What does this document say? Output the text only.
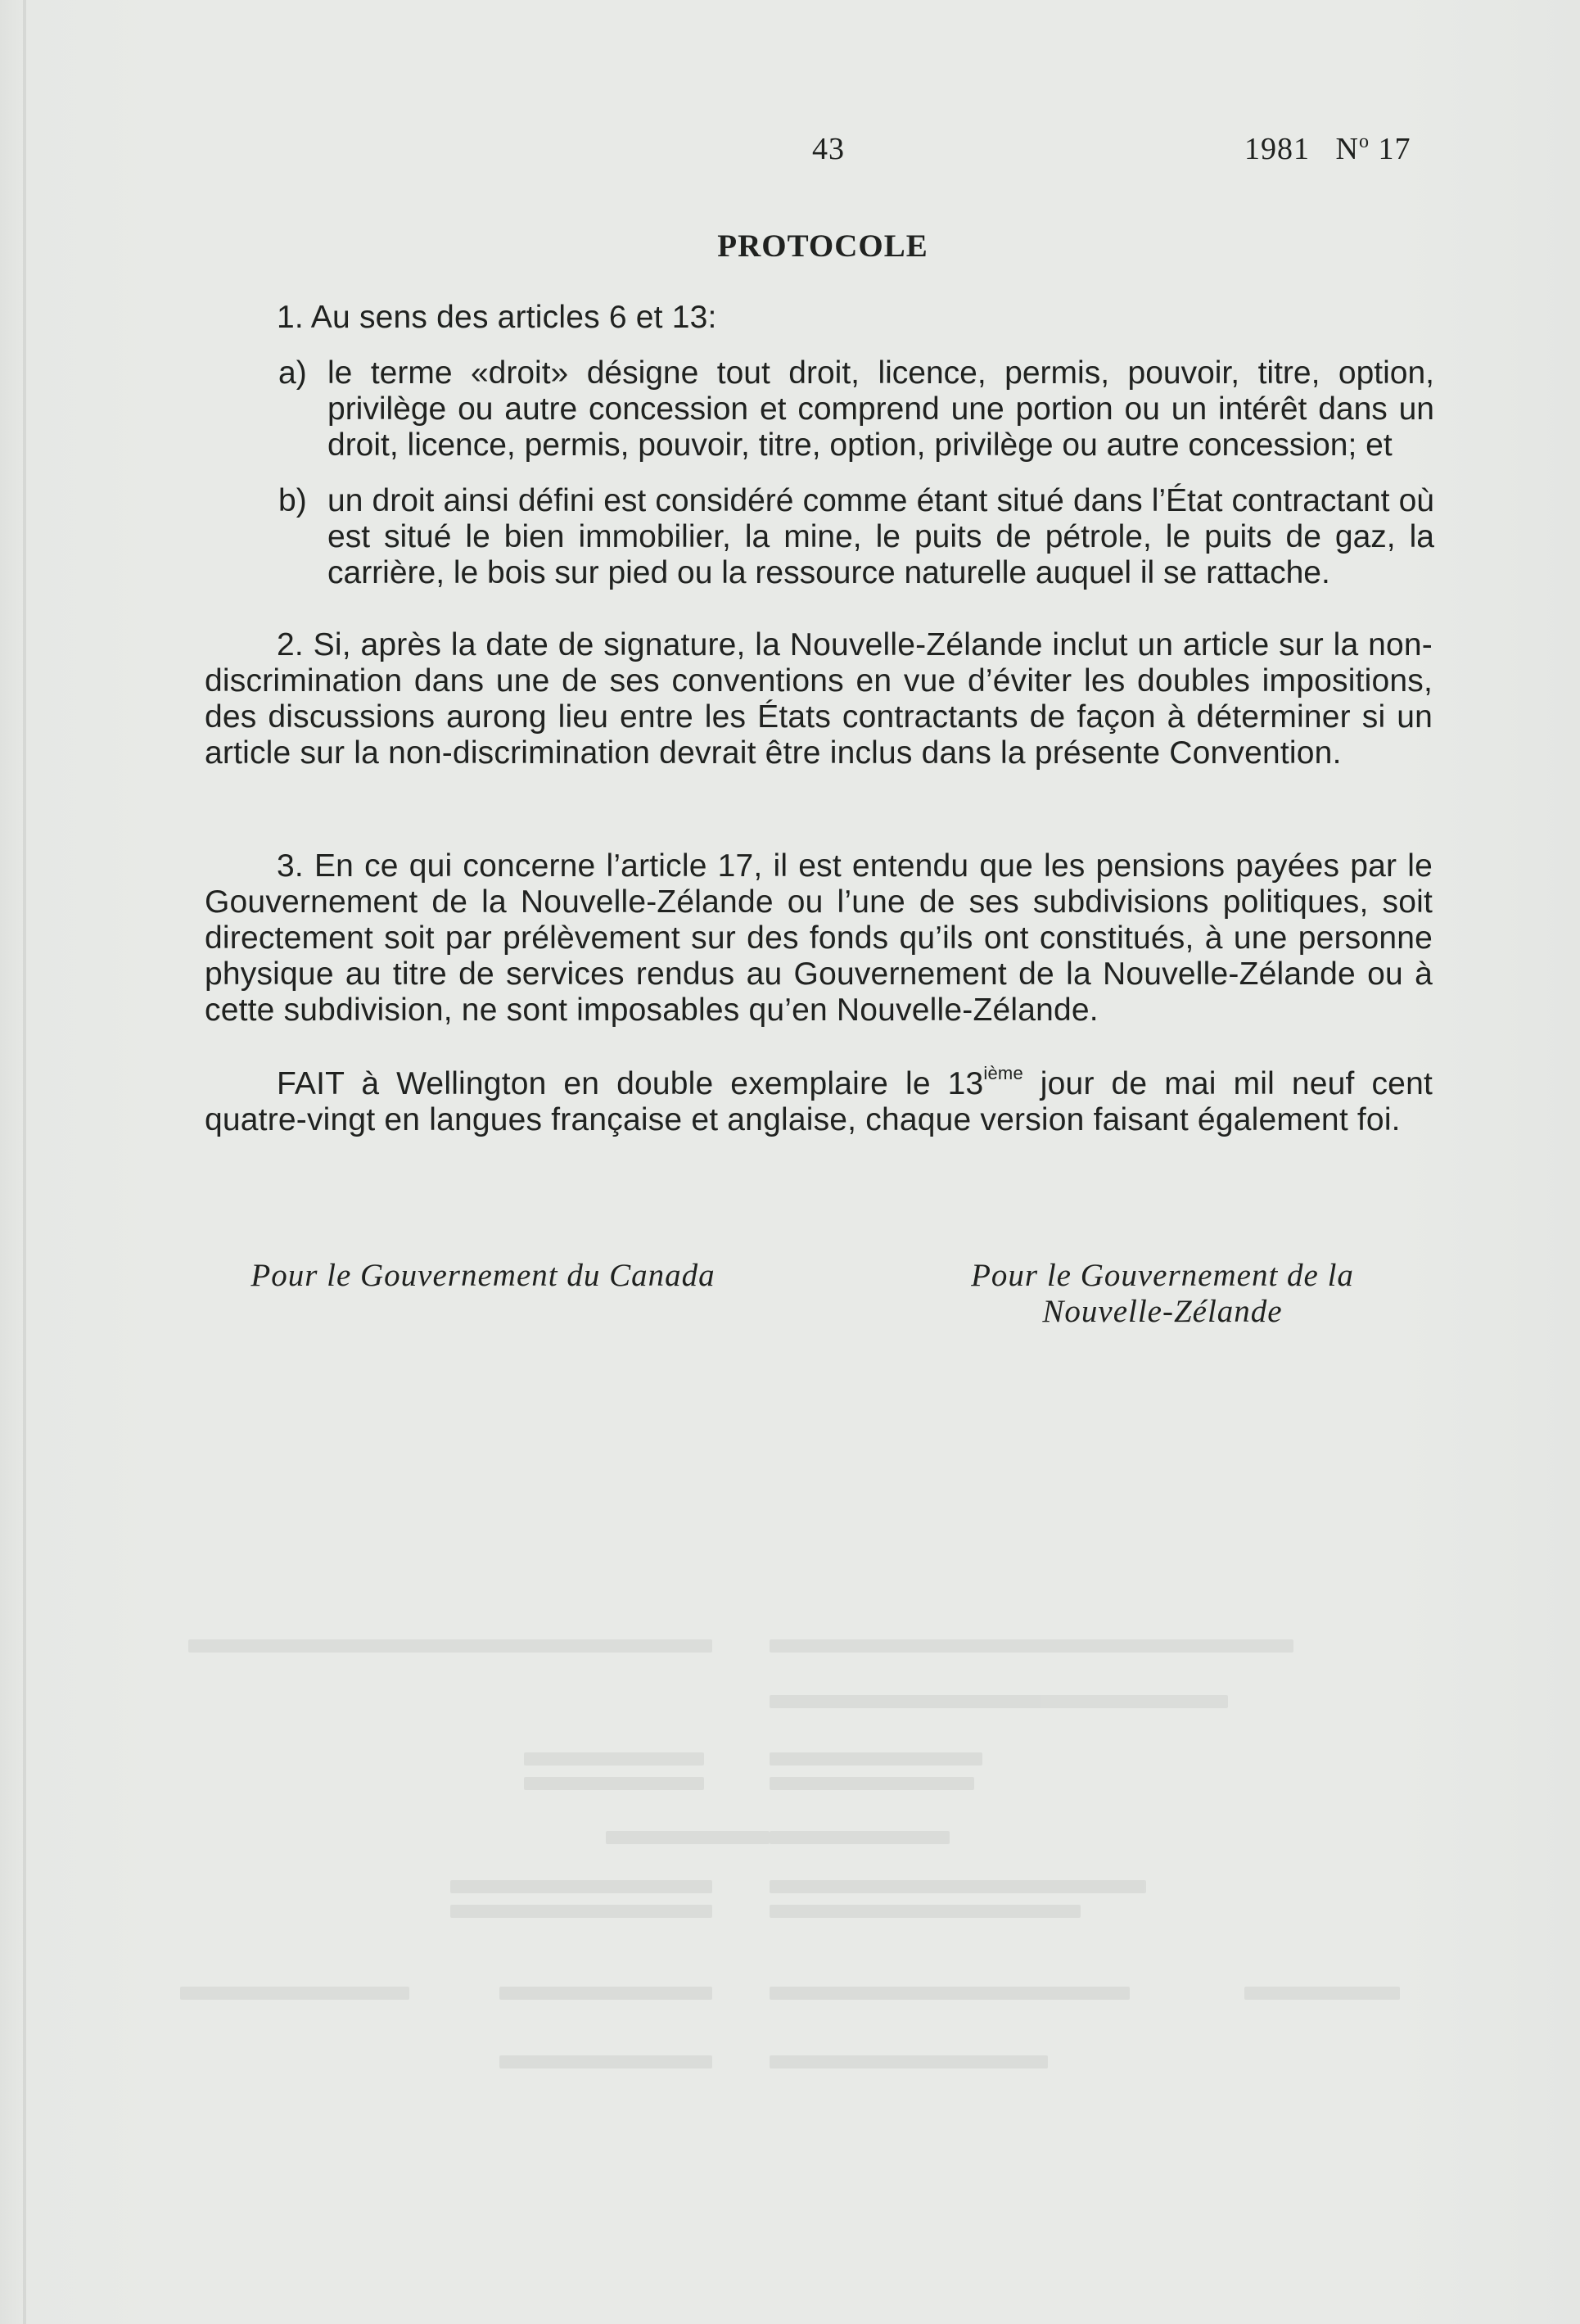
43	1981 $N^o$ 17
PROTOCOLE
1. Au sens des articles 6 et 13:
a) le terme «droit» désigne tout droit, licence, permis, pouvoir, titre, option, privilège ou autre concession et comprend une portion ou un intérêt dans un droit, licence, permis, pouvoir, titre, option, privilège ou autre concession; et
b) un droit ainsi défini est considéré comme étant situé dans l’État contractant où est situé le bien immobilier, la mine, le puits de pétrole, le puits de gaz, la carrière, le bois sur pied ou la ressource naturelle auquel il se rattache.
2. Si, après la date de signature, la Nouvelle-Zélande inclut un article sur la non-discrimination dans une de ses conventions en vue d’éviter les doubles impositions, des discussions aurong lieu entre les États contractants de façon à déterminer si un article sur la non-discrimination devrait être inclus dans la présente Convention.
3. En ce qui concerne l’article 17, il est entendu que les pensions payées par le Gouvernement de la Nouvelle-Zélande ou l’une de ses subdivisions politiques, soit directement soit par prélèvement sur des fonds qu’ils ont constitués, à une personne physique au titre de services rendus au Gouvernement de la Nouvelle-Zélande ou à cette subdivision, ne sont imposables qu’en Nouvelle-Zélande.
FAIT à Wellington en double exemplaire le 13ième jour de mai mil neuf cent quatre-vingt en langues française et anglaise, chaque version faisant également foi.
Pour le Gouvernement du Canada	Pour le Gouvernement de la
Nouvelle-Zélande
